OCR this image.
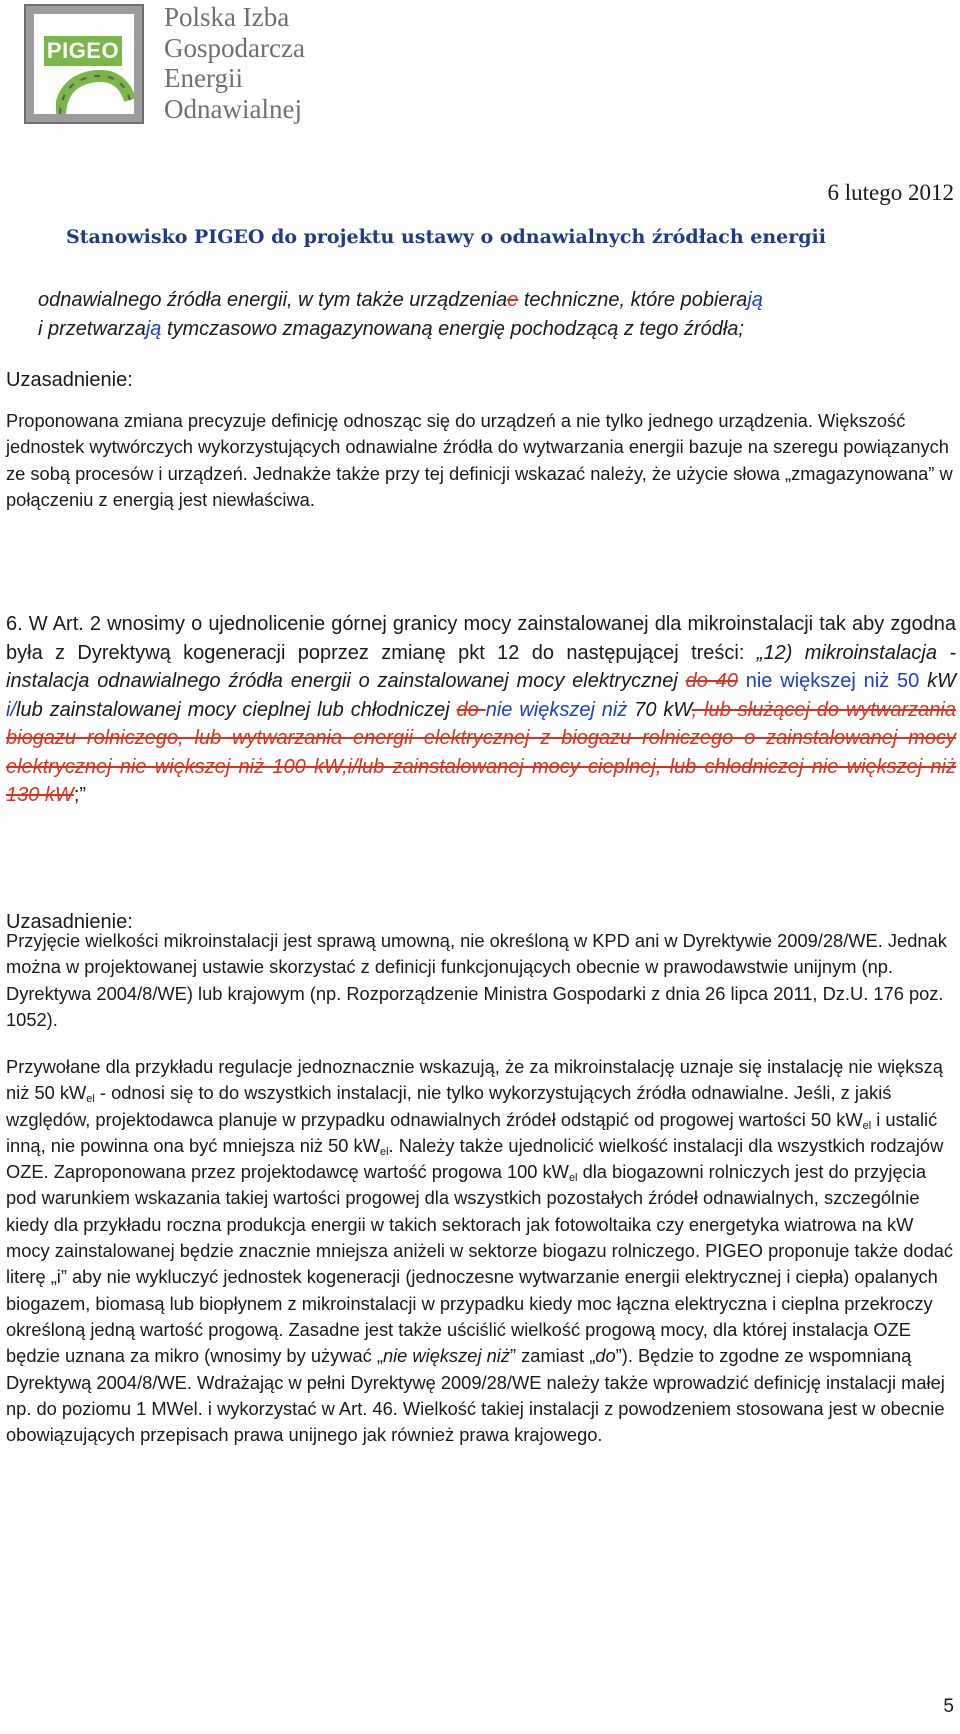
PIGEO
Polska Izba
Gospodarcza
Energii
Odnawialnej
6 lutego 2012
Stanowisko PIGEO do projektu ustawy o odnawialnych źródłach energii
odnawialnego źródła energii, w tym także urządzeniae techniczne, które pobierają
i przetwarzają tymczasowo zmagazynowaną energię pochodzącą z tego źródła;
Uzasadnienie:
Proponowana zmiana precyzuje definicję odnosząc się do urządzeń a nie tylko jednego urządzenia. Większość jednostek wytwórczych wykorzystujących odnawialne źródła do wytwarzania energii bazuje na szeregu powiązanych ze sobą procesów i urządzeń. Jednakże także przy tej definicji wskazać należy, że użycie słowa „zmagazynowana” w połączeniu z energią jest niewłaściwa.
6. W Art. 2 wnosimy o ujednolicenie górnej granicy mocy zainstalowanej dla mikroinstalacji tak aby zgodna była z Dyrektywą kogeneracji poprzez zmianę pkt 12 do następującej treści: „12) mikroinstalacja - instalacja odnawialnego źródła energii o zainstalowanej mocy elektrycznej do 40 nie większej niż 50 kW i/lub zainstalowanej mocy cieplnej lub chłodniczej do nie większej niż 70 kW, lub służącej do wytwarzania biogazu rolniczego, lub wytwarzania energii elektrycznej z biogazu rolniczego o zainstalowanej mocy elektrycznej nie większej niż 100 kW,i/lub zainstalowanej mocy cieplnej, lub chłodniczej nie większej niż 130 kW;”
Uzasadnienie:
Przyjęcie wielkości mikroinstalacji jest sprawą umowną, nie określoną w KPD ani w Dyrektywie 2009/28/WE. Jednak można w projektowanej ustawie skorzystać z definicji funkcjonujących obecnie w prawodawstwie unijnym (np. Dyrektywa 2004/8/WE) lub krajowym (np. Rozporządzenie Ministra Gospodarki z dnia 26 lipca 2011, Dz.U. 176 poz. 1052).
Przywołane dla przykładu regulacje jednoznacznie wskazują, że za mikroinstalację uznaje się instalację nie większą niż 50 $kW_{el}$ - odnosi się to do wszystkich instalacji, nie tylko wykorzystujących źródła odnawialne. Jeśli, z jakiś względów, projektodawca planuje w przypadku odnawialnych źródeł odstąpić od progowej wartości 50 $kW_{el}$ i ustalić inną, nie powinna ona być mniejsza niż 50 $kW_{el}$. Należy także ujednolicić wielkość instalacji dla wszystkich rodzajów OZE. Zaproponowana przez projektodawcę wartość progowa 100 $kW_{el}$ dla biogazowni rolniczych jest do przyjęcia pod warunkiem wskazania takiej wartości progowej dla wszystkich pozostałych źródeł odnawialnych, szczególnie kiedy dla przykładu roczna produkcja energii w takich sektorach jak fotowoltaika czy energetyka wiatrowa na kW mocy zainstalowanej będzie znacznie mniejsza aniżeli w sektorze biogazu rolniczego. PIGEO proponuje także dodać literę „i” aby nie wykluczyć jednostek kogeneracji (jednoczesne wytwarzanie energii elektrycznej i ciepła) opalanych biogazem, biomasą lub biopłynem z mikroinstalacji w przypadku kiedy moc łączna elektryczna i cieplna przekroczy określoną jedną wartość progową. Zasadne jest także uściślić wielkość progową mocy, dla której instalacja OZE będzie uznana za mikro (wnosimy by używać „nie większej niż” zamiast „do”). Będzie to zgodne ze wspomnianą Dyrektywą 2004/8/WE. Wdrażając w pełni Dyrektywę 2009/28/WE należy także wprowadzić definicję instalacji małej np. do poziomu 1 MWel. i wykorzystać w Art. 46. Wielkość takiej instalacji z powodzeniem stosowana jest w obecnie obowiązujących przepisach prawa unijnego jak również prawa krajowego.
5
